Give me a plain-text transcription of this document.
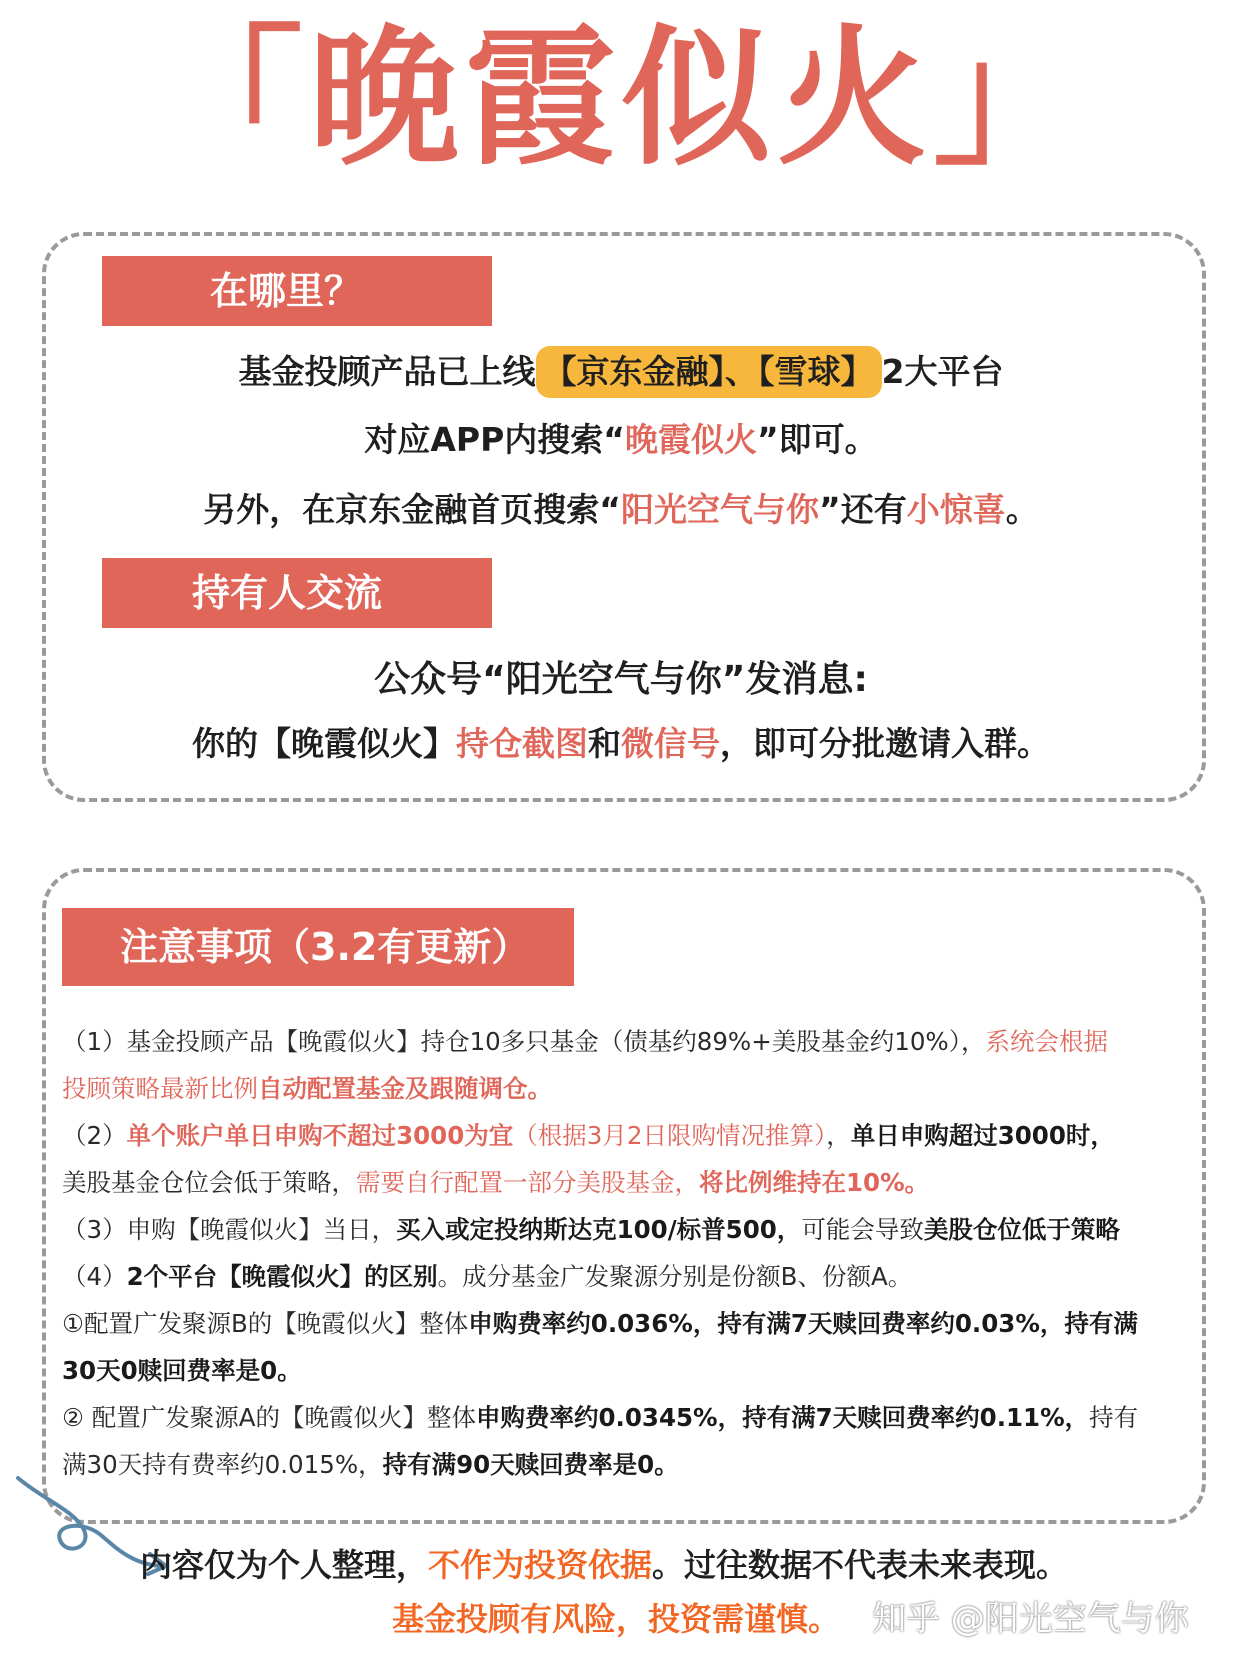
「晚霞似火」
在哪里？
基金投顾产品已上线 【京东金融】、【雪球】 2大平台
对应APP内搜索“晚霞似火”即可。
另外，在京东金融首页搜索“阳光空气与你”还有小惊喜。
持有人交流
公众号“阳光空气与你”发消息:
你的【晚霞似火】持仓截图和微信号，即可分批邀请入群。
注意事项（3.2有更新）

（1）基金投顾产品【晚霞似火】持仓10多只基金（债基约89%+美股基金约10%），系统会根据

投顾策略最新比例自动配置基金及跟随调仓。

（2）单个账户单日申购不超过3000为宜（根据3月2日限购情况推算），单日申购超过3000时，

美股基金仓位会低于策略，需要自行配置一部分美股基金，将比例维持在10%。

（3）申购【晚霞似火】当日，买入或定投纳斯达克100/标普500，可能会导致美股仓位低于策略

（4）2个平台【晚霞似火】的区别。成分基金广发聚源分别是份额B、份额A。

①配置广发聚源B的【晚霞似火】整体申购费率约0.036%，持有满7天赎回费率约0.03%，持有满

30天0赎回费率是0。

② 配置广发聚源A的【晚霞似火】整体申购费率约0.0345%，持有满7天赎回费率约0.11%，持有

满30天持有费率约0.015%，持有满90天赎回费率是0。

内容仅为个人整理，不作为投资依据。过往数据不代表未来表现。
基金投顾有风险，投资需谨慎。 知乎 @阳光空气与你
